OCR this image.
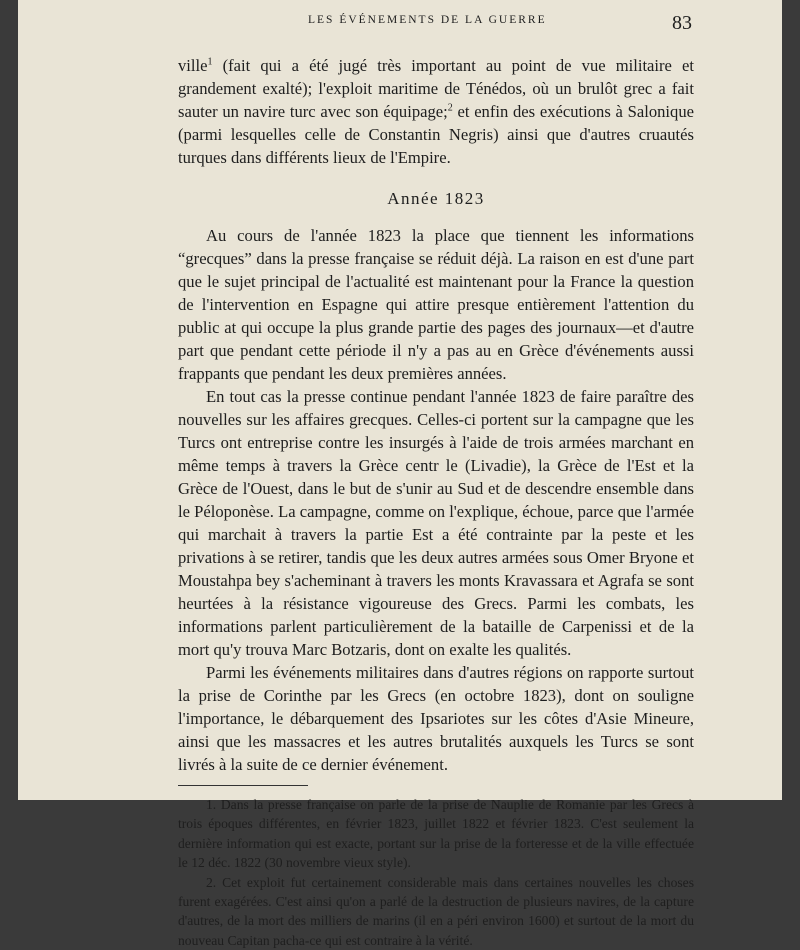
LES ÉVÉNEMENTS DE LA GUERRE	83

ville$^1$ (fait qui a été jugé très important au point de vue militaire et grandement exalté); l'exploit maritime de Ténédos, où un brulôt grec a fait sauter un navire turc avec son équipage;$^2$ et enfin des exécutions à Salonique (parmi lesquelles celle de Constantin Negris) ainsi que d'autres cruautés turques dans différents lieux de l'Empire.

Année 1823

Au cours de l'année 1823 la place que tiennent les informations “grecques” dans la presse française se réduit déjà. La raison en est d'une part que le sujet principal de l'actualité est maintenant pour la France la question de l'intervention en Espagne qui attire presque entièrement l'attention du public at qui occupe la plus grande partie des pages des journaux—et d'autre part que pendant cette période il n'y a pas au en Grèce d'événements aussi frappants que pendant les deux premières années.

En tout cas la presse continue pendant l'année 1823 de faire paraître des nouvelles sur les affaires grecques. Celles-ci portent sur la campagne que les Turcs ont entreprise contre les insurgés à l'aide de trois armées marchant en même temps à travers la Grèce centr le (Livadie), la Grèce de l'Est et la Grèce de l'Ouest, dans le but de s'unir au Sud et de descendre ensemble dans le Péloponèse. La campagne, comme on l'explique, échoue, parce que l'armée qui marchait à travers la partie Est a été contrainte par la peste et les privations à se retirer, tandis que les deux autres armées sous Omer Bryone et Moustahpa bey s'acheminant à travers les monts Kravassara et Agrafa se sont heurtées à la résistance vigoureuse des Grecs. Parmi les combats, les informations parlent particulièrement de la bataille de Carpenissi et de la mort qu'y trouva Marc Botzaris, dont on exalte les qualités.

Parmi les événements militaires dans d'autres régions on rapporte surtout la prise de Corinthe par les Grecs (en octobre 1823), dont on souligne l'importance, le débarquement des Ipsariotes sur les côtes d'Asie Mineure, ainsi que les massacres et les autres brutalités auxquels les Turcs se sont livrés à la suite de ce dernier événement.

1. Dans la presse française on parle de la prise de Nauplie de Romanie par les Grecs à trois époques différentes, en février 1823, juillet 1822 et février 1823. C'est seulement la dernière information qui est exacte, portant sur la prise de la forteresse et de la ville effectuée le 12 déc. 1822 (30 novembre vieux style).

2. Cet exploit fut certainement considerable mais dans certaines nouvelles les choses furent exagérées. C'est ainsi qu'on a parlé de la destruction de plusieurs navires, de la capture d'autres, de la mort des milliers de marins (il en a péri environ 1600) et surtout de la mort du nouveau Capitan pacha-ce qui est contraire à la vérité.
